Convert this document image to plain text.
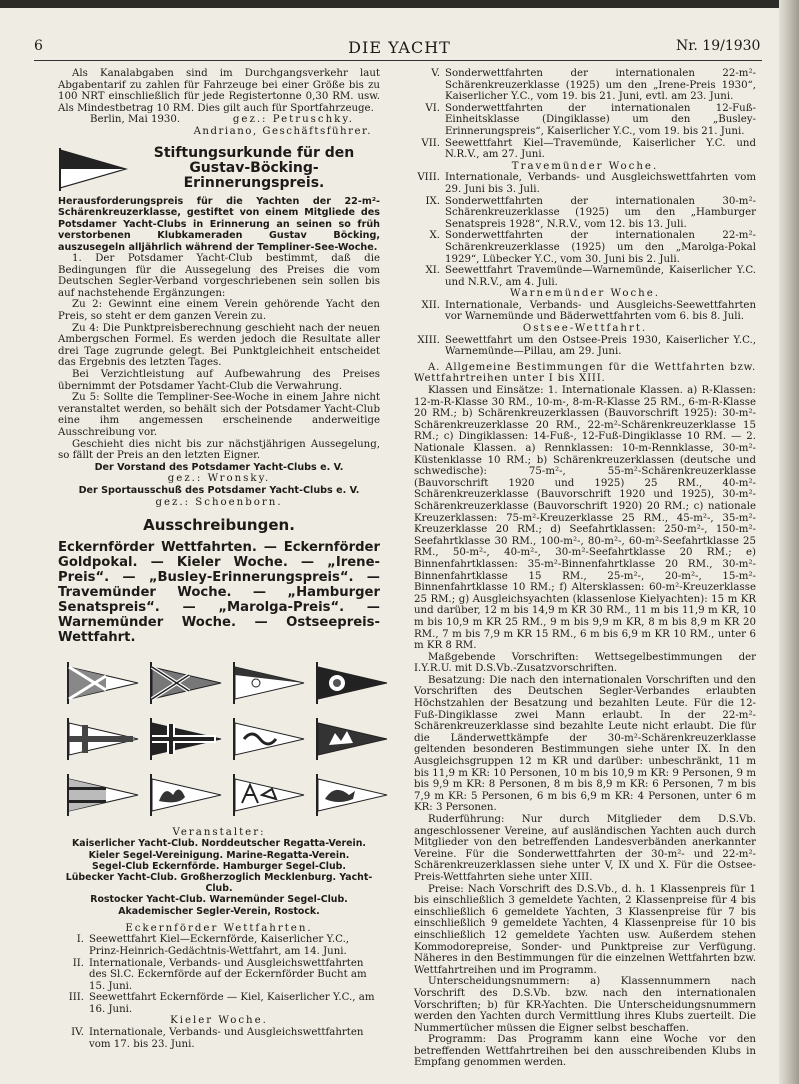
6	DIE YACHT	Nr. 19/1930

Als Kanalabgaben sind im Durchgangsverkehr laut Abgabentarif zu zahlen für Fahrzeuge bei einer Größe bis zu 100 NRT einschließlich für jede Registertonne 0,30 RM. usw. Als Mindestbetrag 10 RM. Dies gilt auch für Sportfahrzeuge.

Berlin, Mai 1930.	gez.: Petruschky.

Andriano, Geschäftsführer.

Stiftungsurkunde für den Gustav-Böcking-Erinnerungspreis.

Herausforderungspreis für die Yachten der 22-m²-Schärenkreuzerklasse, gestiftet von einem Mitgliede des Potsdamer Yacht-Clubs in Erinnerung an seinen so früh verstorbenen Klubkameraden Gustav Böcking, auszusegeln alljährlich während der Templiner-See-Woche.

1. Der Potsdamer Yacht-Club bestimmt, daß die Bedingungen für die Aussegelung des Preises die vom Deutschen Segler-Verband vorgeschriebenen sein sollen bis auf nachstehende Ergänzungen:

Zu 2: Gewinnt eine einem Verein gehörende Yacht den Preis, so steht er dem ganzen Verein zu.

Zu 4: Die Punktpreisberechnung geschieht nach der neuen Ambergschen Formel. Es werden jedoch die Resultate aller drei Tage zugrunde gelegt. Bei Punktgleichheit entscheidet das Ergebnis des letzten Tages.

Bei Verzichtleistung auf Aufbewahrung des Preises übernimmt der Potsdamer Yacht-Club die Verwahrung.

Zu 5: Sollte die Templiner-See-Woche in einem Jahre nicht veranstaltet werden, so behält sich der Potsdamer Yacht-Club eine ihm angemessen erscheinende anderweitige Ausschreibung vor.

Geschieht dies nicht bis zur nächstjährigen Aussegelung, so fällt der Preis an den letzten Eigner.

Der Vorstand des Potsdamer Yacht-Clubs e. V.

gez.: Wronsky.

Der Sportausschuß des Potsdamer Yacht-Clubs e. V.

gez.: Schoenborn.

Ausschreibungen.

Eckernförder Wettfahrten. — Eckernförder Goldpokal. — Kieler Woche. — „Irene-Preis“. — „Busley-Erinnerungspreis“. — Travemünder Woche. — „Hamburger Senatspreis“. — „Marolga-Preis“. — Warnemünder Woche. — Ostseepreis-Wettfahrt.

Veranstalter:

Kaiserlicher Yacht-Club. Norddeutscher Regatta-Verein.

Kieler Segel-Vereinigung. Marine-Regatta-Verein.

Segel-Club Eckernförde. Hamburger Segel-Club.

Lübecker Yacht-Club. Großherzoglich Mecklenburg. Yacht-Club.

Rostocker Yacht-Club. Warnemünder Segel-Club.

Akademischer Segler-Verein, Rostock.

Eckernförder Wettfahrten.

I. Seewettfahrt Kiel—Eckernförde, Kaiserlicher Y.C., Prinz-Heinrich-Gedächtnis-Wettfahrt, am 14. Juni.
II. Internationale, Verbands- und Ausgleichswettfahrten des Sl.C. Eckernförde auf der Eckernförder Bucht am 15. Juni.
III. Seewettfahrt Eckernförde — Kiel, Kaiserlicher Y.C., am 16. Juni.

Kieler Woche.

IV. Internationale, Verbands- und Ausgleichswettfahrten vom 17. bis 23. Juni.
V. Sonderwettfahrten der internationalen 22-m²-Schärenkreuzerklasse (1925) um den „Irene-Preis 1930“, Kaiserlicher Y.C., vom 19. bis 21. Juni, evtl. am 23. Juni.
VI. Sonderwettfahrten der internationalen 12-Fuß-Einheitsklasse (Dingiklasse) um den „Busley-Erinnerungspreis“, Kaiserlicher Y.C., vom 19. bis 21. Juni.
VII. Seewettfahrt Kiel—Travemünde, Kaiserlicher Y.C. und N.R.V., am 27. Juni.

Travemünder Woche.

VIII. Internationale, Verbands- und Ausgleichswettfahrten vom 29. Juni bis 3. Juli.
IX. Sonderwettfahrten der internationalen 30-m²-Schärenkreuzerklasse (1925) um den „Hamburger Senatspreis 1928“, N.R.V., vom 12. bis 13. Juli.
X. Sonderwettfahrten der internationalen 22-m²-Schärenkreuzerklasse (1925) um den „Marolga-Pokal 1929“, Lübecker Y.C., vom 30. Juni bis 2. Juli.
XI. Seewettfahrt Travemünde—Warnemünde, Kaiserlicher Y.C. und N.R.V., am 4. Juli.

Warnemünder Woche.

XII. Internationale, Verbands- und Ausgleichs-Seewettfahrten vor Warnemünde und Bäderwettfahrten vom 6. bis 8. Juli.

Ostsee-Wettfahrt.

XIII. Seewettfahrt um den Ostsee-Preis 1930, Kaiserlicher Y.C., Warnemünde—Pillau, am 29. Juni.

A. Allgemeine Bestimmungen für die Wettfahrten bzw. Wettfahrtreihen unter I bis XIII.

Klassen und Einsätze: 1. Internationale Klassen. a) R-Klassen: 12-m-R-Klasse 30 RM., 10-m-, 8-m-R-Klasse 25 RM., 6-m-R-Klasse 20 RM.; b) Schärenkreuzerklassen (Bauvorschrift 1925): 30-m²-Schärenkreuzerklasse 20 RM., 22-m²-Schärenkreuzerklasse 15 RM.; c) Dingiklassen: 14-Fuß-, 12-Fuß-Dingiklasse 10 RM. — 2. Nationale Klassen. a) Rennklassen: 10-m-Rennklasse, 30-m²-Küstenklasse 10 RM.; b) Schärenkreuzerklassen (deutsche und schwedische): 75-m²-, 55-m²-Schärenkreuzerklasse (Bauvorschrift 1920 und 1925) 25 RM., 40-m²-Schärenkreuzerklasse (Bauvorschrift 1920 und 1925), 30-m²-Schärenkreuzerklasse (Bauvorschrift 1920) 20 RM.; c) nationale Kreuzerklassen: 75-m²-Kreuzerklasse 25 RM., 45-m²-, 35-m²-Kreuzerklasse 20 RM.; d) Seefahrtklassen: 250-m²-, 150-m²-Seefahrtklasse 30 RM., 100-m²-, 80-m²-, 60-m²-Seefahrtklasse 25 RM., 50-m²-, 40-m²-, 30-m²-Seefahrtklasse 20 RM.; e) Binnenfahrtklassen: 35-m²-Binnenfahrtklasse 20 RM., 30-m²-Binnenfahrtklasse 15 RM., 25-m²-, 20-m²-, 15-m²-Binnenfahrtklasse 10 RM.; f) Altersklassen: 60-m²-Kreuzerklasse 25 RM.; g) Ausgleichsyachten (klassenlose Kielyachten): 15 m KR und darüber, 12 m bis 14,9 m KR 30 RM., 11 m bis 11,9 m KR, 10 m bis 10,9 m KR 25 RM., 9 m bis 9,9 m KR, 8 m bis 8,9 m KR 20 RM., 7 m bis 7,9 m KR 15 RM., 6 m bis 6,9 m KR 10 RM., unter 6 m KR 8 RM.

Maßgebende Vorschriften: Wettsegelbestimmungen der I.Y.R.U. mit D.S.Vb.-Zusatzvorschriften.

Besatzung: Die nach den internationalen Vorschriften und den Vorschriften des Deutschen Segler-Verbandes erlaubten Höchstzahlen der Besatzung und bezahlten Leute. Für die 12-Fuß-Dingiklasse zwei Mann erlaubt. In der 22-m²-Schärenkreuzerklasse sind bezahlte Leute nicht erlaubt. Die für die Länderwettkämpfe der 30-m²-Schärenkreuzerklasse geltenden besonderen Bestimmungen siehe unter IX. In den Ausgleichsgruppen 12 m KR und darüber: unbeschränkt, 11 m bis 11,9 m KR: 10 Personen, 10 m bis 10,9 m KR: 9 Personen, 9 m bis 9,9 m KR: 8 Personen, 8 m bis 8,9 m KR: 6 Personen, 7 m bis 7,9 m KR: 5 Personen, 6 m bis 6,9 m KR: 4 Personen, unter 6 m KR: 3 Personen.

Ruderführung: Nur durch Mitglieder dem D.S.Vb. angeschlossener Vereine, auf ausländischen Yachten auch durch Mitglieder von den betreffenden Landesverbänden anerkannter Vereine. Für die Sonderwettfahrten der 30-m²- und 22-m²-Schärenkreuzerklassen siehe unter V, IX und X. Für die Ostsee-Preis-Wettfahrten siehe unter XIII.

Preise: Nach Vorschrift des D.S.Vb., d. h. 1 Klassenpreis für 1 bis einschließlich 3 gemeldete Yachten, 2 Klassenpreise für 4 bis einschließlich 6 gemeldete Yachten, 3 Klassenpreise für 7 bis einschließlich 9 gemeldete Yachten, 4 Klassenpreise für 10 bis einschließlich 12 gemeldete Yachten usw. Außerdem stehen Kommodorepreise, Sonder- und Punktpreise zur Verfügung. Näheres in den Bestimmungen für die einzelnen Wettfahrten bzw. Wettfahrtreihen und im Programm.

Unterscheidungsnummern: a) Klassennummern nach Vorschrift des D.S.Vb. bzw. nach den internationalen Vorschriften; b) für KR-Yachten. Die Unterscheidungsnummern werden den Yachten durch Vermittlung ihres Klubs zuerteilt. Die Nummertücher müssen die Eigner selbst beschaffen.

Programm: Das Programm kann eine Woche vor den betreffenden Wettfahrtreihen bei den ausschreibenden Klubs in Empfang genommen werden.
